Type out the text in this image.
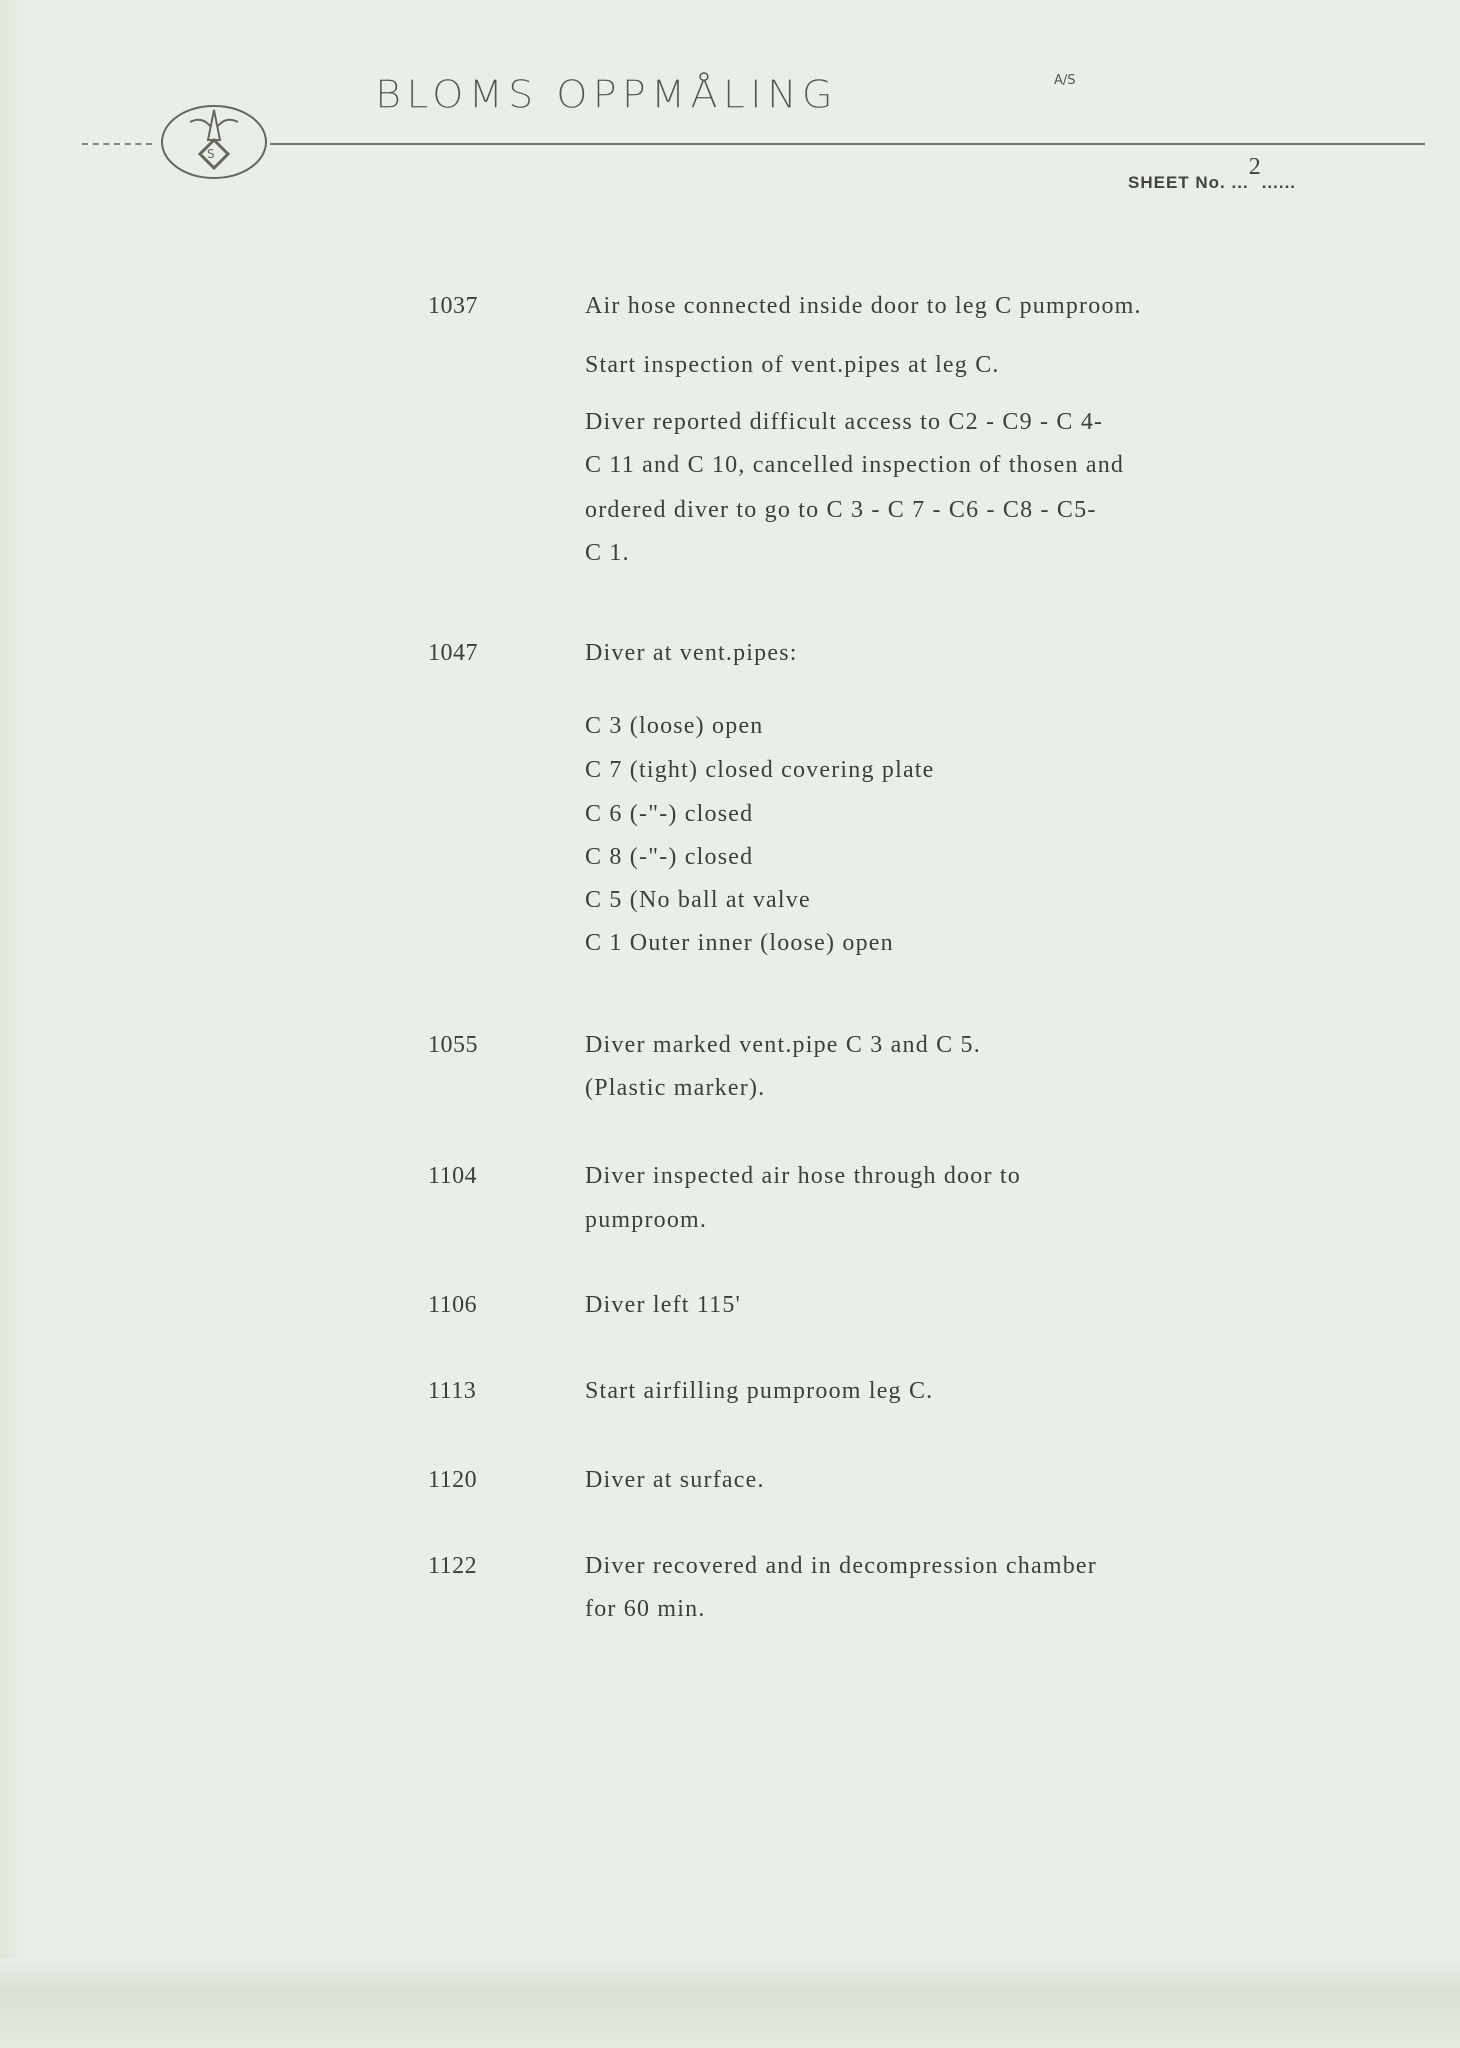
S
BLOMS OPPMÅLING	A/S
SHEET No. ...2......
1037	Air hose connected inside door to leg C pumproom.
Start inspection of vent.pipes at leg C.
Diver reported difficult access to C2 - C9 - C 4-
C 11 and C 10, cancelled inspection of thosen and
ordered diver to go to C 3 - C 7 - C6 - C8 - C5-
C 1.
1047	Diver at vent.pipes:
C 3 (loose) open
C 7 (tight) closed covering plate
C 6 (-"-) closed
C 8 (-"-) closed
C 5 (No ball at valve
C 1 Outer inner (loose) open
1055	Diver marked vent.pipe C 3 and C 5.
(Plastic marker).
1104	Diver inspected air hose through door to
pumproom.
1106	Diver left 115'
1113	Start airfilling pumproom leg C.
1120	Diver at surface.
1122	Diver recovered and in decompression chamber
for 60 min.
